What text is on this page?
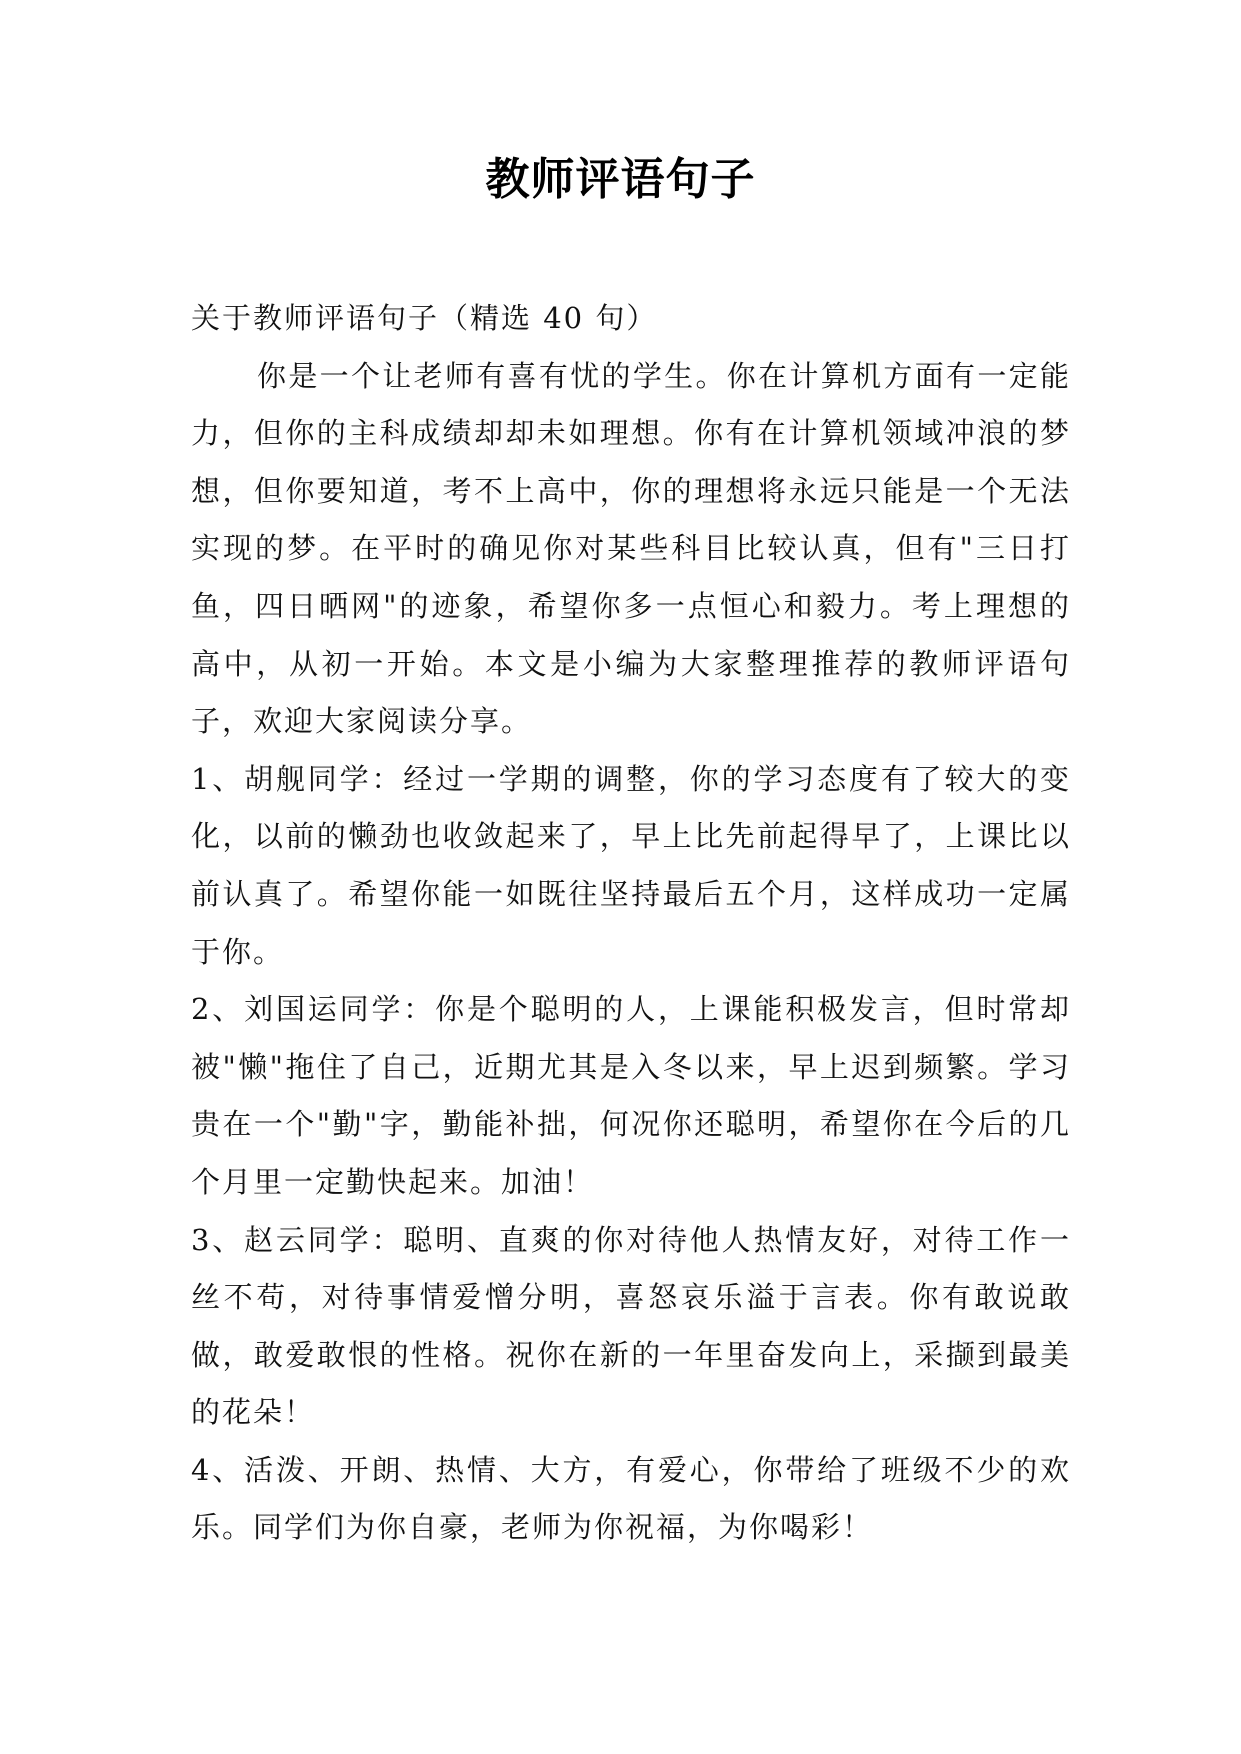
教师评语句子

关于教师评语句子（精选 40 句）

你是一个让老师有喜有忧的学生。你在计算机方面有一定能力，但你的主科成绩却却未如理想。你有在计算机领域冲浪的梦想，但你要知道，考不上高中，你的理想将永远只能是一个无法实现的梦。在平时的确见你对某些科目比较认真，但有"三日打鱼，四日晒网"的迹象，希望你多一点恒心和毅力。考上理想的高中，从初一开始。本文是小编为大家整理推荐的教师评语句子，欢迎大家阅读分享。

1、胡舰同学：经过一学期的调整，你的学习态度有了较大的变化，以前的懒劲也收敛起来了，早上比先前起得早了，上课比以前认真了。希望你能一如既往坚持最后五个月，这样成功一定属于你。

2、刘国运同学：你是个聪明的人，上课能积极发言，但时常却被"懒"拖住了自己，近期尤其是入冬以来，早上迟到频繁。学习贵在一个"勤"字，勤能补拙，何况你还聪明，希望你在今后的几个月里一定勤快起来。加油！

3、赵云同学：聪明、直爽的你对待他人热情友好，对待工作一丝不苟，对待事情爱憎分明，喜怒哀乐溢于言表。你有敢说敢做，敢爱敢恨的性格。祝你在新的一年里奋发向上，采撷到最美的花朵！

4、活泼、开朗、热情、大方，有爱心，你带给了班级不少的欢乐。同学们为你自豪，老师为你祝福，为你喝彩！
